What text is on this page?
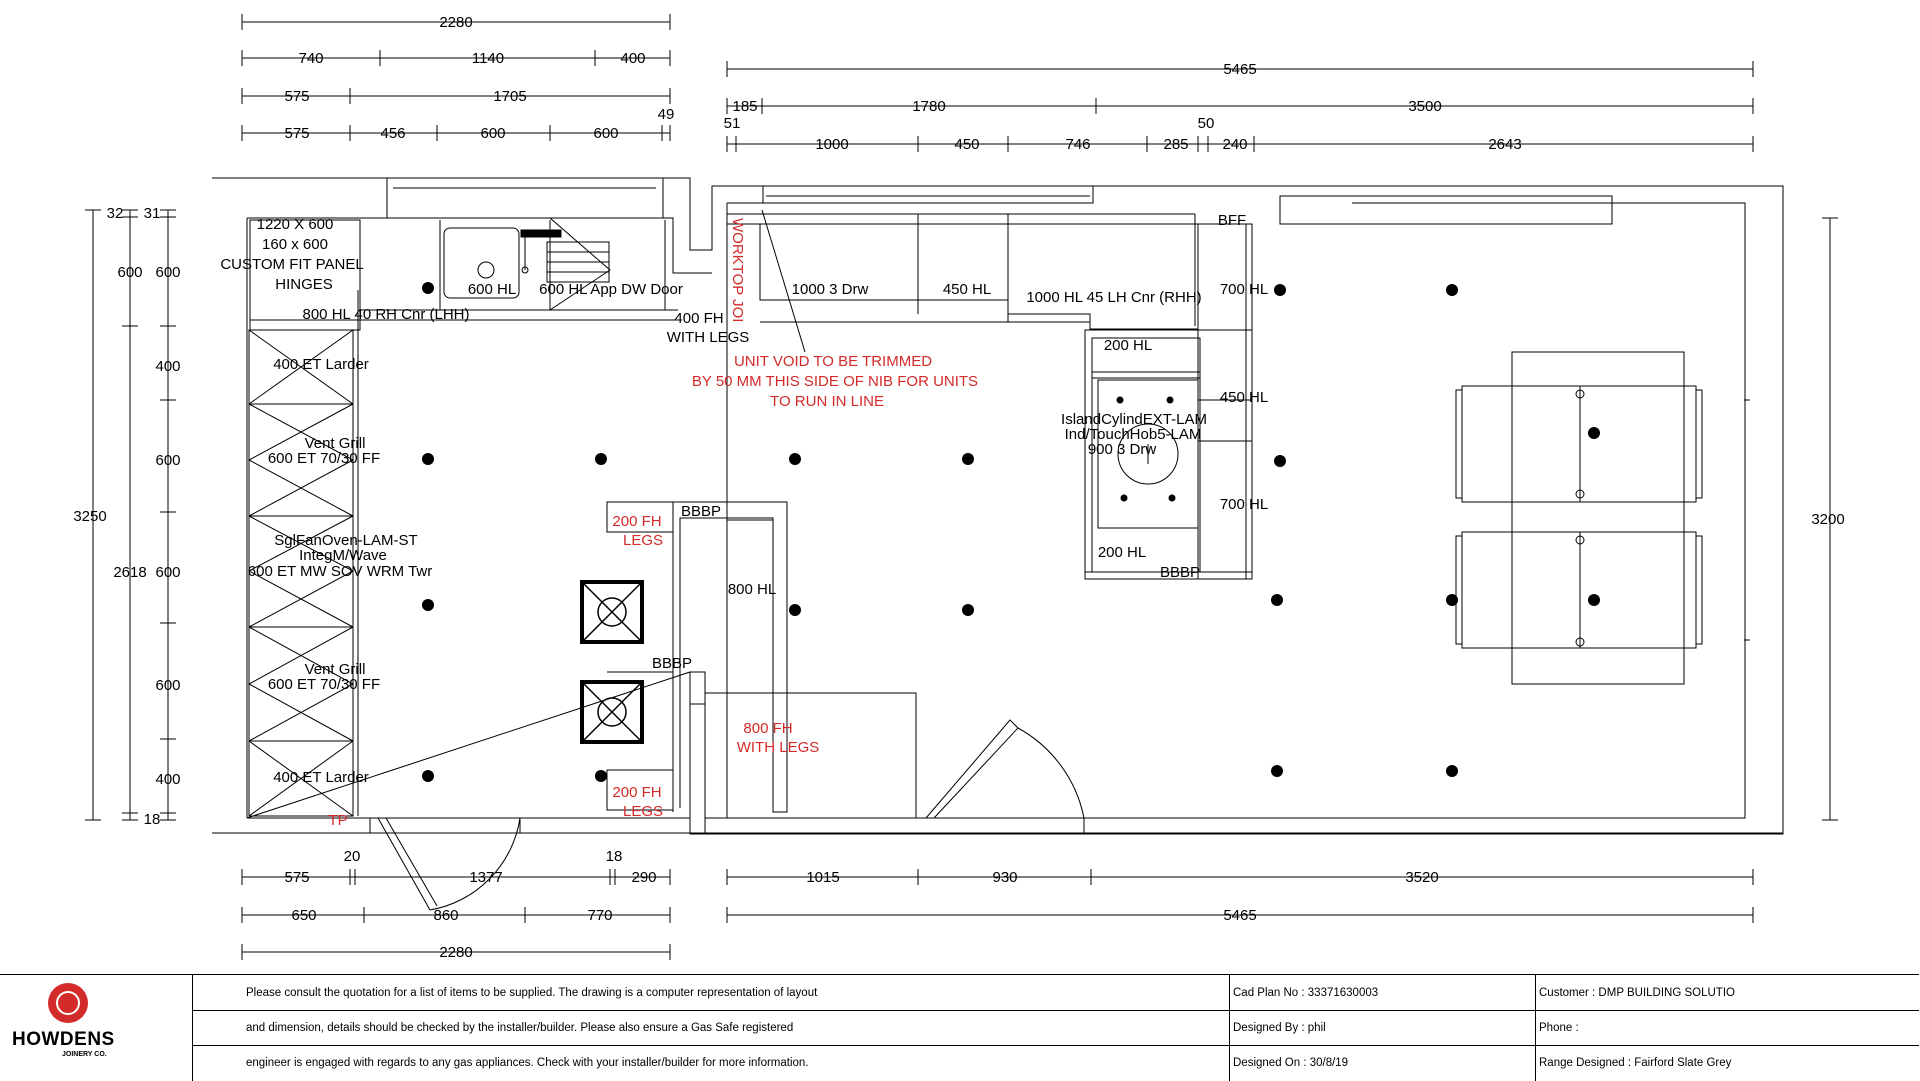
2280
740	1140	400
575	1705
575	456	600	600
49
5465
185	1780	3500
51	50
1000	450	746	285 240	2643
32
600
3250
2618
18
31
600
400
600
600
600
400
3200
20	18
575	1377	290
650	860	770
2280
1015	930	3520
5465
1220 X 600
160 x 600
CUSTOM FIT PANEL
HINGES	600 HL 600 HL App DW Door
800 HL 40 RH Cnr (LHH)	400 FH
WITH LEGS
1000 3 Drw	450 HL 1000 HL 45 LH Cnr (RHH)
BFF
700 HL
200 HL
450 HL
IslandCylindEXT-LAM
Ind/TouchHob5-LAM
900 3 Drw
700 HL
200 HL
BBBP
400 ET Larder
Vent Grill
600 ET 70/30 FF
SglFanOven-LAM-ST
IntegM/Wave
600 ET MW SOV WRM Twr
Vent Grill
600 ET 70/30 FF
400 ET Larder
BBBP
800 HL
BBBP
WORKTOP JOI
UNIT VOID TO BE TRIMMED
BY 50 MM THIS SIDE OF NIB FOR UNITS
TO RUN IN LINE
200 FH
LEGS
800 FH
WITH LEGS
200 FH
LEGS
TP
HOWDENS
JOINERY CO.
Please consult the quotation for a list of items to be supplied. The drawing is a computer representation of layout
and dimension, details should be checked by the installer/builder. Please also ensure a Gas Safe registered
engineer is engaged with regards to any gas appliances. Check with your installer/builder for more information.
Cad Plan No : 33371630003
Designed By : phil
Designed On : 30/8/19
Customer : DMP BUILDING SOLUTIO
Phone :
Range Designed : Fairford Slate Grey
